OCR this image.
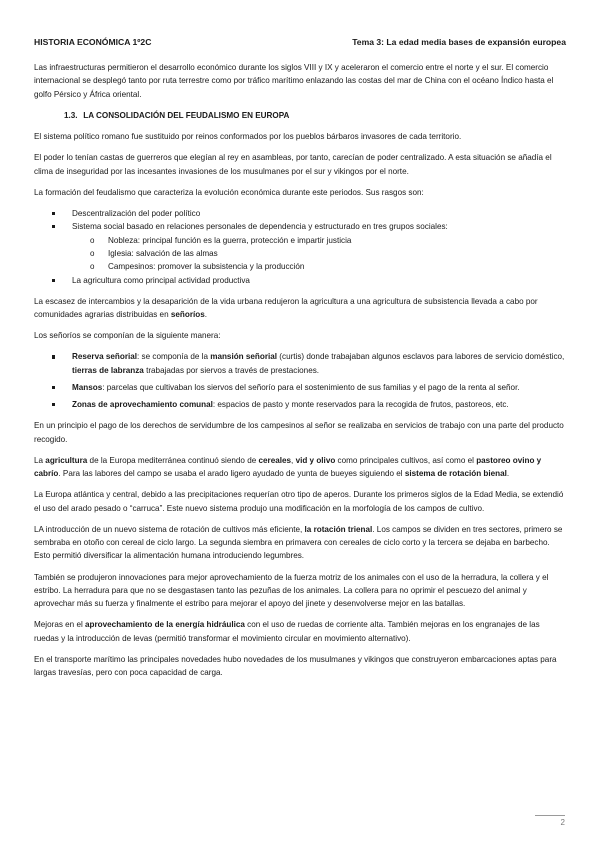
HISTORIA ECONÓMICA 1º2C	Tema 3: La edad media bases de expansión europea

Las infraestructuras permitieron el desarrollo económico durante los siglos VIII y IX y aceleraron el comercio entre el norte y el sur. El comercio internacional se desplegó tanto por ruta terrestre como por tráfico marítimo enlazando las costas del mar de China con el océano Índico hasta el golfo Pérsico y África oriental.

1.3. LA CONSOLIDACIÓN DEL FEUDALISMO EN EUROPA

El sistema político romano fue sustituido por reinos conformados por los pueblos bárbaros invasores de cada territorio.

El poder lo tenían castas de guerreros que elegían al rey en asambleas, por tanto, carecían de poder centralizado. A esta situación se añadía el clima de inseguridad por las incesantes invasiones de los musulmanes por el sur y vikingos por el norte.

La formación del feudalismo que caracteriza la evolución económica durante este periodos. Sus rasgos son:

Descentralización del poder político
Sistema social basado en relaciones personales de dependencia y estructurado en tres grupos sociales:
o Nobleza: principal función es la guerra, protección e impartir justicia
o Iglesia: salvación de las almas
o Campesinos: promover la subsistencia y la producción
La agricultura como principal actividad productiva

La escasez de intercambios y la desaparición de la vida urbana redujeron la agricultura a una agricultura de subsistencia llevada a cabo por comunidades agrarias distribuidas en señoríos.

Los señoríos se componían de la siguiente manera:

Reserva señorial: se componía de la mansión señorial (curtis) donde trabajaban algunos esclavos para labores de servicio doméstico, tierras de labranza trabajadas por siervos a través de prestaciones.
Mansos: parcelas que cultivaban los siervos del señorío para el sostenimiento de sus familias y el pago de la renta al señor.
Zonas de aprovechamiento comunal: espacios de pasto y monte reservados para la recogida de frutos, pastoreos, etc.

En un principio el pago de los derechos de servidumbre de los campesinos al señor se realizaba en servicios de trabajo con una parte del producto recogido.

La agricultura de la Europa mediterránea continuó siendo de cereales, vid y olivo como principales cultivos, así como el pastoreo ovino y cabrío. Para las labores del campo se usaba el arado ligero ayudado de yunta de bueyes siguiendo el sistema de rotación bienal.

La Europa atlántica y central, debido a las precipitaciones requerían otro tipo de aperos. Durante los primeros siglos de la Edad Media, se extendió el uso del arado pesado o “carruca”. Este nuevo sistema produjo una modificación en la morfología de los campos de cultivo.

LA introducción de un nuevo sistema de rotación de cultivos más eficiente, la rotación trienal. Los campos se dividen en tres sectores, primero se sembraba en otoño con cereal de ciclo largo. La segunda siembra en primavera con cereales de ciclo corto y la tercera se dejaba en barbecho. Esto permitió diversificar la alimentación humana introduciendo legumbres.

También se produjeron innovaciones para mejor aprovechamiento de la fuerza motriz de los animales con el uso de la herradura, la collera y el estribo. La herradura para que no se desgastasen tanto las pezuñas de los animales. La collera para no oprimir el pescuezo del animal y aprovechar más su fuerza y finalmente el estribo para mejorar el apoyo del jinete y desenvolverse mejor en las batallas.

Mejoras en el aprovechamiento de la energía hidráulica con el uso de ruedas de corriente alta. También mejoras en los engranajes de las ruedas y la introducción de levas (permitió transformar el movimiento circular en movimiento alternativo).

En el transporte marítimo las principales novedades hubo novedades de los musulmanes y vikingos que construyeron embarcaciones aptas para largas travesías, pero con poca capacidad de carga.

2
